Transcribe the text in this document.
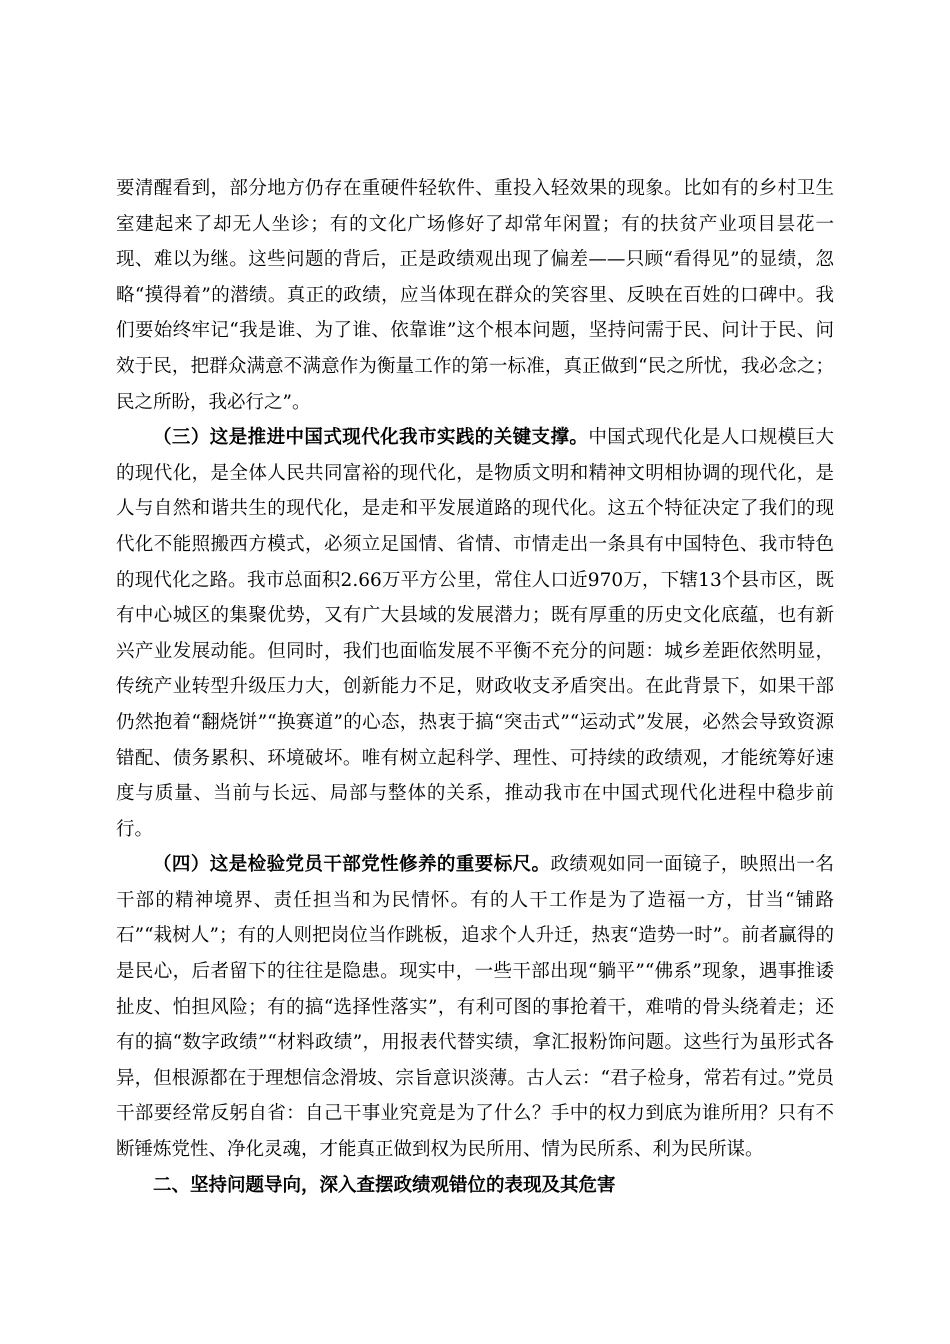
要清醒看到，部分地方仍存在重硬件轻软件、重投入轻效果的现象。比如有的乡村卫生室建起来了却无人坐诊；有的文化广场修好了却常年闲置；有的扶贫产业项目昙花一现、难以为继。这些问题的背后，正是政绩观出现了偏差——只顾“看得见”的显绩，忽略“摸得着”的潜绩。真正的政绩，应当体现在群众的笑容里、反映在百姓的口碑中。我们要始终牢记“我是谁、为了谁、依靠谁”这个根本问题，坚持问需于民、问计于民、问效于民，把群众满意不满意作为衡量工作的第一标准，真正做到“民之所忧，我必念之；民之所盼，我必行之”。

（三）这是推进中国式现代化我市实践的关键支撑。中国式现代化是人口规模巨大的现代化，是全体人民共同富裕的现代化，是物质文明和精神文明相协调的现代化，是人与自然和谐共生的现代化，是走和平发展道路的现代化。这五个特征决定了我们的现代化不能照搬西方模式，必须立足国情、省情、市情走出一条具有中国特色、我市特色的现代化之路。我市总面积2.66万平方公里，常住人口近970万，下辖13个县市区，既有中心城区的集聚优势，又有广大县域的发展潜力；既有厚重的历史文化底蕴，也有新兴产业发展动能。但同时，我们也面临发展不平衡不充分的问题：城乡差距依然明显，传统产业转型升级压力大，创新能力不足，财政收支矛盾突出。在此背景下，如果干部仍然抱着“翻烧饼”“换赛道”的心态，热衷于搞“突击式”“运动式”发展，必然会导致资源错配、债务累积、环境破坏。唯有树立起科学、理性、可持续的政绩观，才能统筹好速度与质量、当前与长远、局部与整体的关系，推动我市在中国式现代化进程中稳步前行。

（四）这是检验党员干部党性修养的重要标尺。政绩观如同一面镜子，映照出一名干部的精神境界、责任担当和为民情怀。有的人干工作是为了造福一方，甘当“铺路石”“栽树人”；有的人则把岗位当作跳板，追求个人升迁，热衷“造势一时”。前者赢得的是民心，后者留下的往往是隐患。现实中，一些干部出现“躺平”“佛系”现象，遇事推诿扯皮、怕担风险；有的搞“选择性落实”，有利可图的事抢着干，难啃的骨头绕着走；还有的搞“数字政绩”“材料政绩”，用报表代替实绩，拿汇报粉饰问题。这些行为虽形式各异，但根源都在于理想信念滑坡、宗旨意识淡薄。古人云：“君子检身，常若有过。”党员干部要经常反躬自省：自己干事业究竟是为了什么？手中的权力到底为谁所用？只有不断锤炼党性、净化灵魂，才能真正做到权为民所用、情为民所系、利为民所谋。

二、坚持问题导向，深入查摆政绩观错位的表现及其危害
